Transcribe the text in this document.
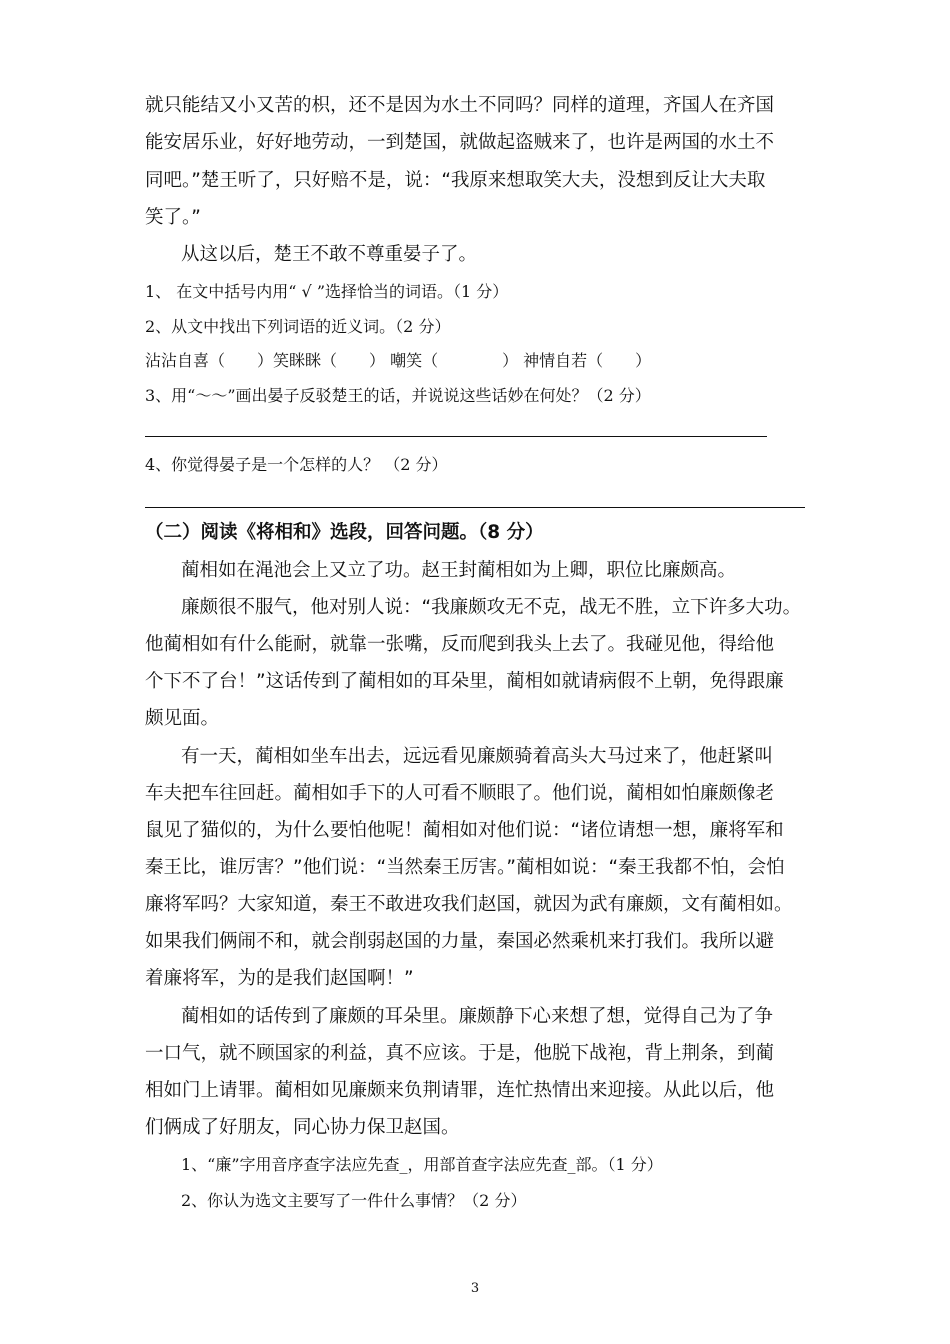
就只能结又小又苦的枳，还不是因为水土不同吗？同样的道理，齐国人在齐国
能安居乐业，好好地劳动，一到楚国，就做起盗贼来了，也许是两国的水土不
同吧。”楚王听了，只好赔不是，说：“我原来想取笑大夫，没想到反让大夫取
笑了。”
从这以后，楚王不敢不尊重晏子了。
1、 在文中括号内用“ √ ”选择恰当的词语。（1 分）
2、从文中找出下列词语的近义词。（2 分）
沾沾自喜（　　）笑眯眯（　　） 嘲笑（　　　　） 神情自若（　　）
3、用“～～”画出晏子反驳楚王的话，并说说这些话妙在何处？（2 分）
4、你觉得晏子是一个怎样的人？ （2 分）
（二）阅读《将相和》选段，回答问题。（8 分）
蔺相如在渑池会上又立了功。赵王封蔺相如为上卿，职位比廉颇高。
廉颇很不服气，他对别人说：“我廉颇攻无不克，战无不胜，立下许多大功。
他蔺相如有什么能耐，就靠一张嘴，反而爬到我头上去了。我碰见他，得给他
个下不了台！”这话传到了蔺相如的耳朵里，蔺相如就请病假不上朝，免得跟廉
颇见面。
有一天，蔺相如坐车出去，远远看见廉颇骑着高头大马过来了，他赶紧叫
车夫把车往回赶。蔺相如手下的人可看不顺眼了。他们说，蔺相如怕廉颇像老
鼠见了猫似的，为什么要怕他呢！蔺相如对他们说：“诸位请想一想，廉将军和
秦王比，谁厉害？”他们说：“当然秦王厉害。”蔺相如说：“秦王我都不怕，会怕
廉将军吗？大家知道，秦王不敢进攻我们赵国，就因为武有廉颇，文有蔺相如。
如果我们俩闹不和，就会削弱赵国的力量，秦国必然乘机来打我们。我所以避
着廉将军，为的是我们赵国啊！”
蔺相如的话传到了廉颇的耳朵里。廉颇静下心来想了想，觉得自己为了争
一口气，就不顾国家的利益，真不应该。于是，他脱下战袍，背上荆条，到蔺
相如门上请罪。蔺相如见廉颇来负荆请罪，连忙热情出来迎接。从此以后，他
们俩成了好朋友，同心协力保卫赵国。
1、“廉”字用音序查字法应先查_，用部首查字法应先查_部。（1 分）
2、你认为选文主要写了一件什么事情？（2 分）
3
